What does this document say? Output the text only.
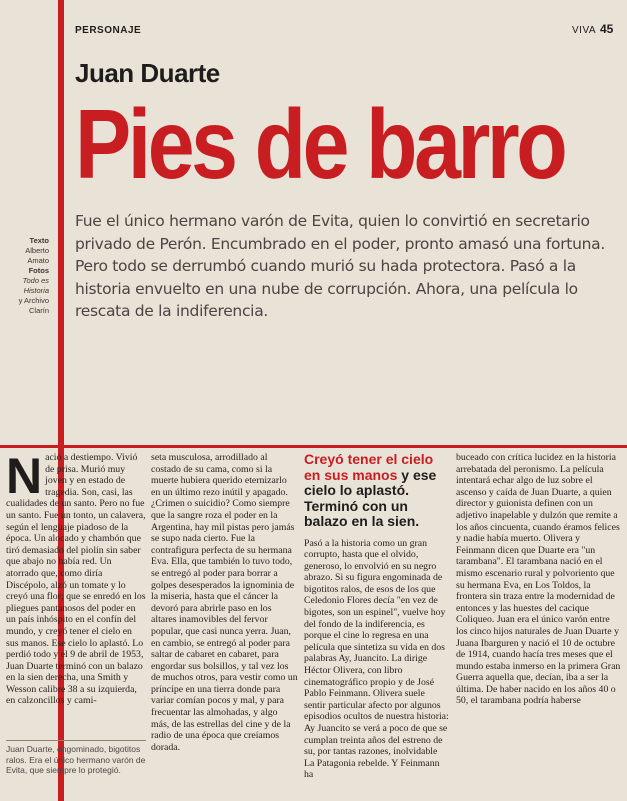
PERSONAJE	VIVA 45
Juan Duarte
Pies de barro
Texto
Alberto Amato
Fotos
Todo es Historia
y Archivo Clarín
Fue el único hermano varón de Evita, quien lo convirtió en secretario privado de Perón. Encumbrado en el poder, pronto amasó una fortuna. Pero todo se derrumbó cuando murió su hada protectora. Pasó a la historia envuelto en una nube de corrupción. Ahora, una película lo rescata de la indiferencia.
N ació a destiempo. Vivió de prisa. Murió muy joven y en estado de tragedia. Son, casi, las cualidades de un santo. Pero no fue un santo. Fue un tonto, un calavera, según el lenguaje piadoso de la época. Un alocado y chambón que tiró demasiado del piolín sin saber que abajo no había red. Un atorrado que, como diría Discépolo, alzó un tomate y lo creyó una flor; que se enredó en los pliegues pantanosos del poder en un país inhóspito en el confín del mundo, y creyó tener el cielo en sus manos. Ese cielo lo aplastó. Lo perdió todo y el 9 de abril de 1953, Juan Duarte terminó con un balazo en la sien derecha, una Smith y Wesson calibre 38 a su izquierda, en calzoncillos y cami-

seta musculosa, arrodillado al costado de su cama, como si la muerte hubiera querido eternizarlo en un último rezo inútil y apagado. ¿Crimen o suicidio? Como siempre que la sangre roza el poder en la Argentina, hay mil pistas pero jamás se supo nada cierto. Fue la contrafigura perfecta de su hermana Eva. Ella, que también lo tuvo todo, se entregó al poder para borrar a golpes desesperados la ignominia de la miseria, hasta que el cáncer la devoró para abrirle paso en los altares inamovibles del fervor popular, que casi nunca yerra. Juan, en cambio, se entregó al poder para saltar de cabaret en cabaret, para engordar sus bolsillos, y tal vez los de muchos otros, para vestir como un príncipe en una tierra donde para variar comían pocos y mal, y para frecuentar las almohadas, y algo más, de las estrellas del cine y de la radio de una época que creíamos dorada.

Creyó tener el cielo en sus manos y ese cielo lo aplastó. Terminó con un balazo en la sien.

Pasó a la historia como un gran corrupto, hasta que el olvido, generoso, lo envolvió en su negro abrazo. Si su figura engominada de bigotitos ralos, de esos de los que Celedonio Flores decía "en vez de bigotes, son un espinel", vuelve hoy del fondo de la indiferencia, es porque el cine lo regresa en una película que sintetiza su vida en dos palabras Ay, Juancito. La dirige Héctor Olivera, con libro cinematográfico propio y de José Pablo Feinmann. Olivera suele sentir particular afecto por algunos episodios ocultos de nuestra historia: Ay Juancito se verá a poco de que se cumplan treinta años del estreno de su, por tantas razones, inolvidable La Patagonia rebelde. Y Feinmann ha

buceado con crítica lucidez en la historia arrebatada del peronismo. La película intentará echar algo de luz sobre el ascenso y caída de Juan Duarte, a quien director y guionista definen con un adjetivo inapelable y dulzón que remite a los años cincuenta, cuando éramos felices y nadie había muerto. Olivera y Feinmann dicen que Duarte era "un tarambana". El tarambana nació en el mismo escenario rural y polvoriento que su hermana Eva, en Los Toldos, la frontera sin traza entre la modernidad de entonces y las huestes del cacique Coliqueo. Juan era el único varón entre los cinco hijos naturales de Juan Duarte y Juana Ibarguren y nació el 10 de octubre de 1914, cuando hacía tres meses que el mundo estaba inmerso en la primera Gran Guerra aquella que, decían, iba a ser la última. De haber nacido en los años 40 o 50, el tarambana podría haberse

Juan Duarte, engominado, bigotitos ralos. Era el único hermano varón de Evita, que siempre lo protegió.
